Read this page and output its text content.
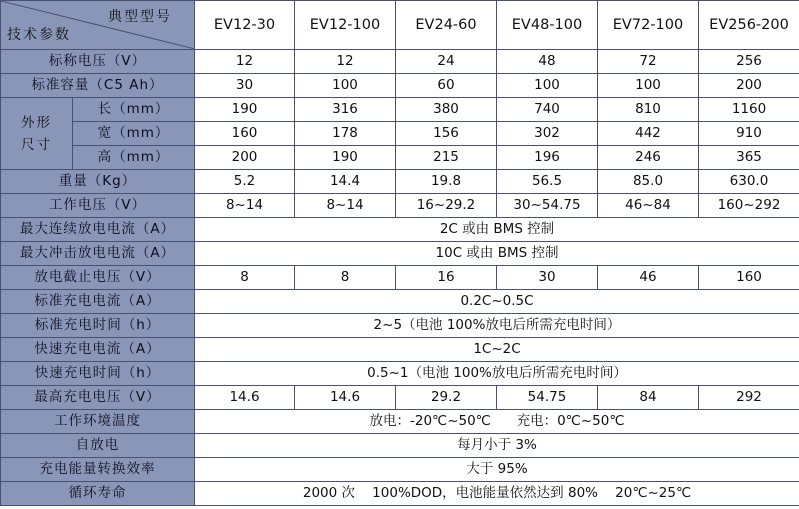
典型型号
技术参数		EV12-30	EV12-100	EV24-60	EV48-100	EV72-100	EV256-200
标称电压（V）		12	12	24	48	72	256
标准容量（C5 Ah）		30	100	60	100	100	200

外形
尺寸	长（mm）	190	316	380	740	810	1160
	宽（mm）	160	178	156	302	442	910
	高（mm）	200	190	215	196	246	365
重量（Kg）		5.2	14.4	19.8	56.5	85.0	630.0
工作电压（V）		8~14	8~14	16~29.2	30~54.75	46~84	160~292
最大连续放电电流（A）		2C 或由 BMS 控制					
最大冲击放电电流（A）		10C 或由 BMS 控制					
放电截止电压（V）		8	8	16	30	46	160
标准充电电流（A）		0.2C~0.5C					
标准充电时间（h）		2~5（电池 100%放电后所需充电时间）					
快速充电电流（A）		1C~2C					
快速充电时间（h）		0.5~1（电池 100%放电后所需充电时间）					
最高充电电压（V）		14.6	14.6	29.2	54.75	84	292
工作环境温度		放电：-20℃~50℃      充电：0℃~50℃					
自放电		每月小于 3%					
充电能量转换效率		大于 95%					
循环寿命		2000 次    100%DOD，电池能量依然达到 80%    20℃~25℃					
